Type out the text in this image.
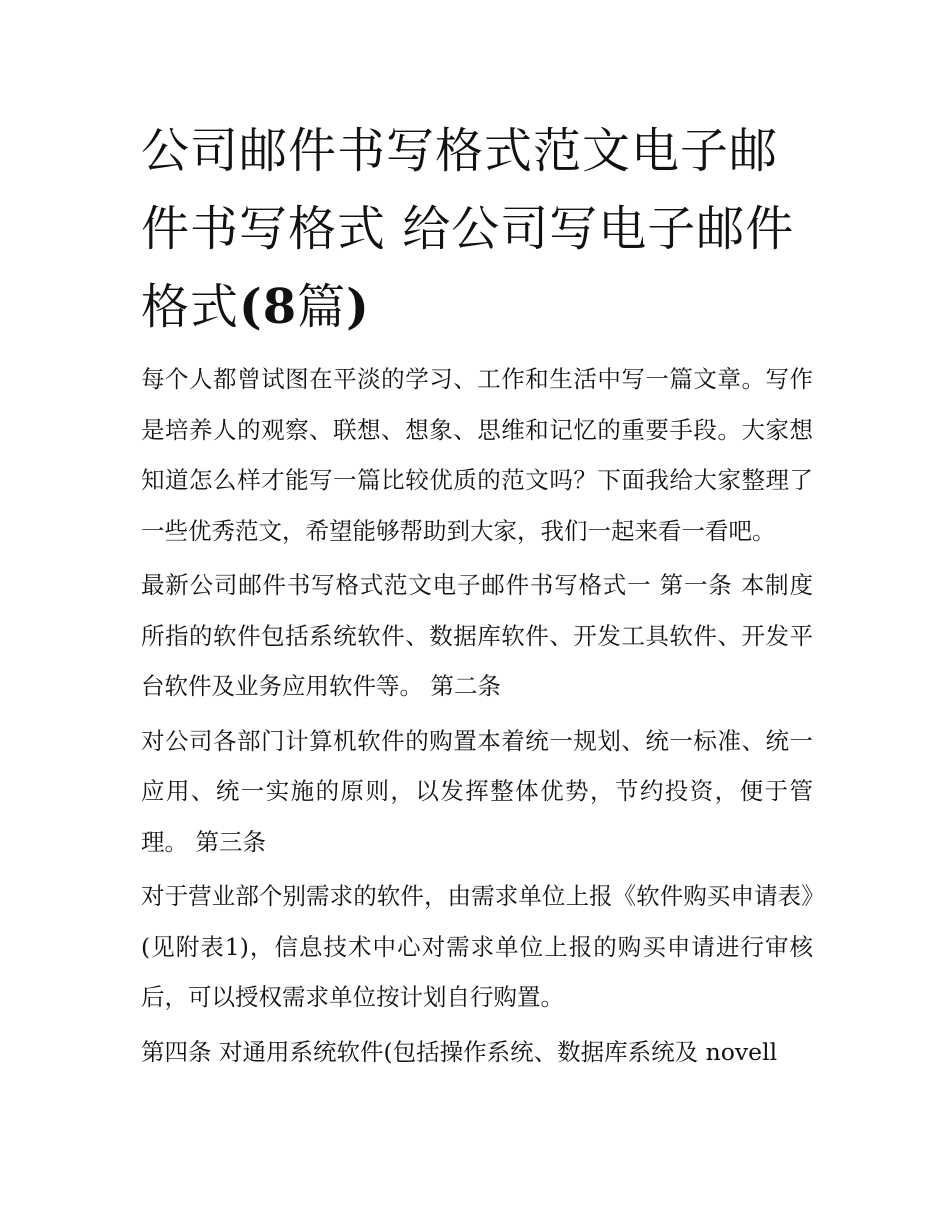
公司邮件书写格式范文电子邮件书写格式 给公司写电子邮件格式(8篇)

每个人都曾试图在平淡的学习、工作和生活中写一篇文章。写作是培养人的观察、联想、想象、思维和记忆的重要手段。大家想知道怎么样才能写一篇比较优质的范文吗？下面我给大家整理了一些优秀范文，希望能够帮助到大家，我们一起来看一看吧。

最新公司邮件书写格式范文电子邮件书写格式一 第一条 本制度所指的软件包括系统软件、数据库软件、开发工具软件、开发平台软件及业务应用软件等。 第二条

对公司各部门计算机软件的购置本着统一规划、统一标准、统一应用、统一实施的原则，以发挥整体优势，节约投资，便于管理。 第三条

对于营业部个别需求的软件，由需求单位上报《软件购买申请表》(见附表1)，信息技术中心对需求单位上报的购买申请进行审核后，可以授权需求单位按计划自行购置。

第四条 对通用系统软件(包括操作系统、数据库系统及 novell
